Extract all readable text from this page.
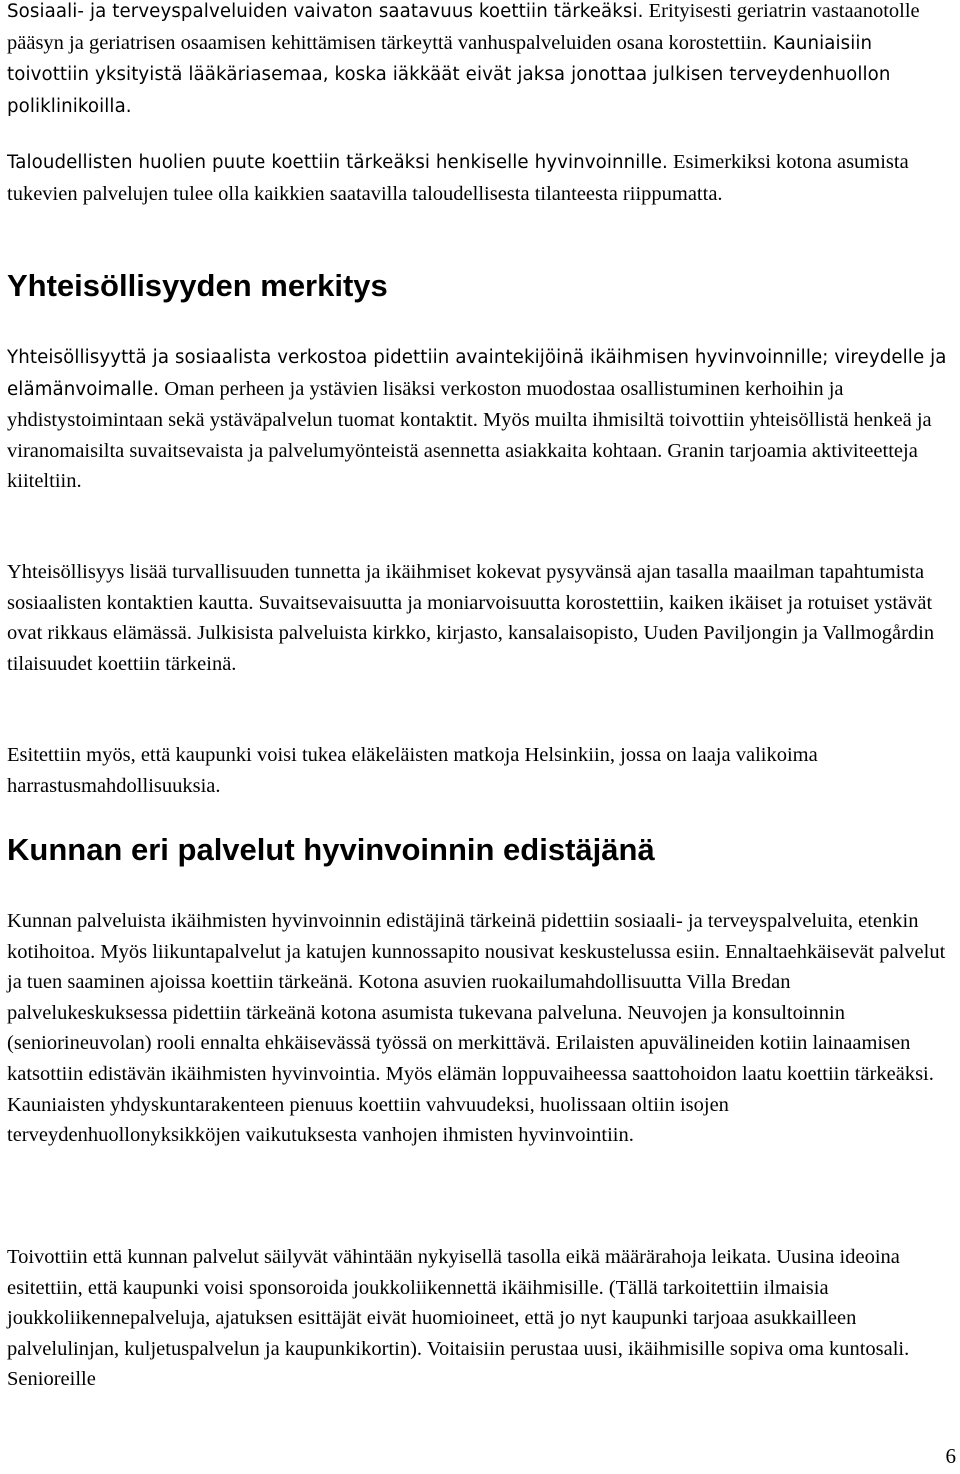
Sosiaali- ja terveyspalveluiden vaivaton saatavuus koettiin tärkeäksi. Erityisesti geriatrin vastaanotolle pääsyn ja geriatrisen osaamisen kehittämisen tärkeyttä vanhuspalveluiden osana korostettiin. Kauniaisiin toivottiin yksityistä lääkäriasemaa, koska iäkkäät eivät jaksa jonottaa julkisen terveydenhuollon poliklinikoilla.

Taloudellisten huolien puute koettiin tärkeäksi henkiselle hyvinvoinnille. Esimerkiksi kotona asumista tukevien palvelujen tulee olla kaikkien saatavilla taloudellisesta tilanteesta riippumatta.

Yhteisöllisyyden merkitys

Yhteisöllisyyttä ja sosiaalista verkostoa pidettiin avaintekijöinä ikäihmisen hyvinvoinnille; vireydelle ja elämänvoimalle. Oman perheen ja ystävien lisäksi verkoston muodostaa osallistuminen kerhoihin ja yhdistystoimintaan sekä ystäväpalvelun tuomat kontaktit. Myös muilta ihmisiltä toivottiin yhteisöllistä henkeä ja viranomaisilta suvaitsevaista ja palvelumyönteistä asennetta asiakkaita kohtaan. Granin tarjoamia aktiviteetteja kiiteltiin.

Yhteisöllisyys lisää turvallisuuden tunnetta ja ikäihmiset kokevat pysyvänsä ajan tasalla maailman tapahtumista sosiaalisten kontaktien kautta. Suvaitsevaisuutta ja moniarvoisuutta korostettiin, kaiken ikäiset ja rotuiset ystävät ovat rikkaus elämässä. Julkisista palveluista kirkko, kirjasto, kansalaisopisto, Uuden Paviljongin ja Vallmogårdin tilaisuudet koettiin tärkeinä.

Esitettiin myös, että kaupunki voisi tukea eläkeläisten matkoja Helsinkiin, jossa on laaja valikoima harrastusmahdollisuuksia.

Kunnan eri palvelut hyvinvoinnin edistäjänä

Kunnan palveluista ikäihmisten hyvinvoinnin edistäjinä tärkeinä pidettiin sosiaali- ja terveyspalveluita, etenkin kotihoitoa. Myös liikuntapalvelut ja katujen kunnossapito nousivat keskustelussa esiin. Ennaltaehkäisevät palvelut ja tuen saaminen ajoissa koettiin tärkeänä. Kotona asuvien ruokailumahdollisuutta Villa Bredan palvelukeskuksessa pidettiin tärkeänä kotona asumista tukevana palveluna. Neuvojen ja konsultoinnin (seniorineuvolan) rooli ennalta ehkäisevässä työssä on merkittävä. Erilaisten apuvälineiden kotiin lainaamisen katsottiin edistävän ikäihmisten hyvinvointia. Myös elämän loppuvaiheessa saattohoidon laatu koettiin tärkeäksi. Kauniaisten yhdyskuntarakenteen pienuus koettiin vahvuudeksi, huolissaan oltiin isojen terveydenhuollonyksikköjen vaikutuksesta vanhojen ihmisten hyvinvointiin.

Toivottiin että kunnan palvelut säilyvät vähintään nykyisellä tasolla eikä määrärahoja leikata. Uusina ideoina esitettiin, että kaupunki voisi sponsoroida joukkoliikennettä ikäihmisille. (Tällä tarkoitettiin ilmaisia joukkoliikennepalveluja, ajatuksen esittäjät eivät huomioineet, että jo nyt kaupunki tarjoaa asukkailleen palvelulinjan, kuljetuspalvelun ja kaupunkikortin). Voitaisiin perustaa uusi, ikäihmisille sopiva oma kuntosali. Senioreille

6
